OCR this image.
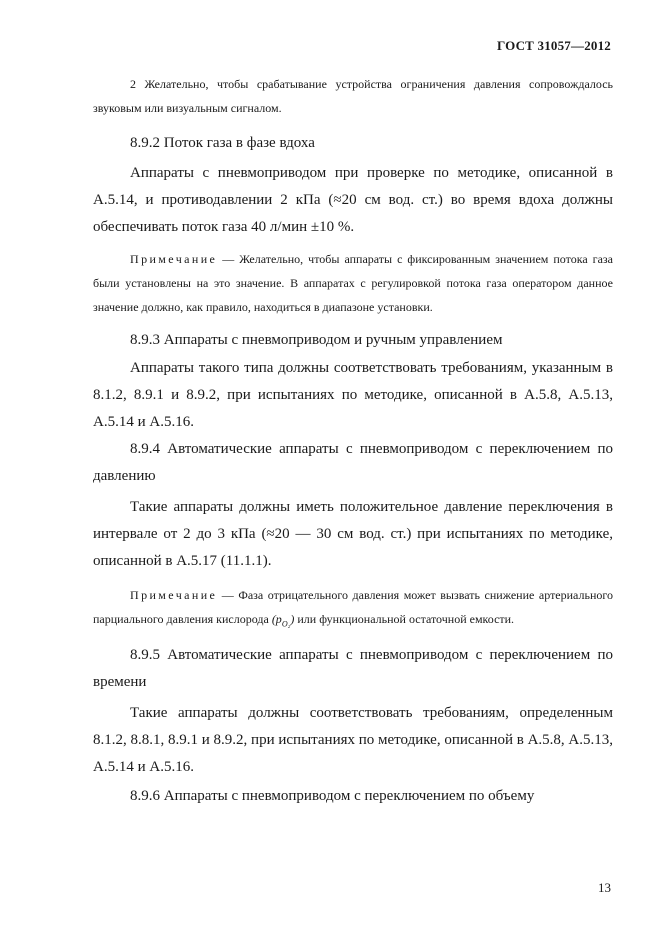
ГОСТ 31057—2012

2 Желательно, чтобы срабатывание устройства ограничения давления сопровождалось звуковым или визуальным сигналом.

8.9.2 Поток газа в фазе вдоха

Аппараты с пневмоприводом при проверке по методике, описанной в А.5.14, и противодавлении 2 кПа (≈20 см вод. ст.) во время вдоха должны обеспечивать поток газа 40 л/мин ±10 %.

Примечание — Желательно, чтобы аппараты с фиксированным значением потока газа были установлены на это значение. В аппаратах с регулировкой потока газа оператором данное значение должно, как правило, находиться в диапазоне установки.

8.9.3 Аппараты с пневмоприводом и ручным управлением

Аппараты такого типа должны соответствовать требованиям, указанным в 8.1.2, 8.9.1 и 8.9.2, при испытаниях по методике, описанной в А.5.8, А.5.13, А.5.14 и А.5.16.

8.9.4 Автоматические аппараты с пневмоприводом с переключением по давлению

Такие аппараты должны иметь положительное давление переключения в интервале от 2 до 3 кПа (≈20 — 30 см вод. ст.) при испытаниях по методике, описанной в А.5.17 (11.1.1).

Примечание — Фаза отрицательного давления может вызвать снижение артериального парциального давления кислорода $(p_{O_2})$ или функциональной остаточной емкости.

8.9.5 Автоматические аппараты с пневмоприводом с переключением по времени

Такие аппараты должны соответствовать требованиям, определенным 8.1.2, 8.8.1, 8.9.1 и 8.9.2, при испытаниях по методике, описанной в А.5.8, А.5.13, А.5.14 и А.5.16.

8.9.6 Аппараты с пневмоприводом с переключением по объему

13
